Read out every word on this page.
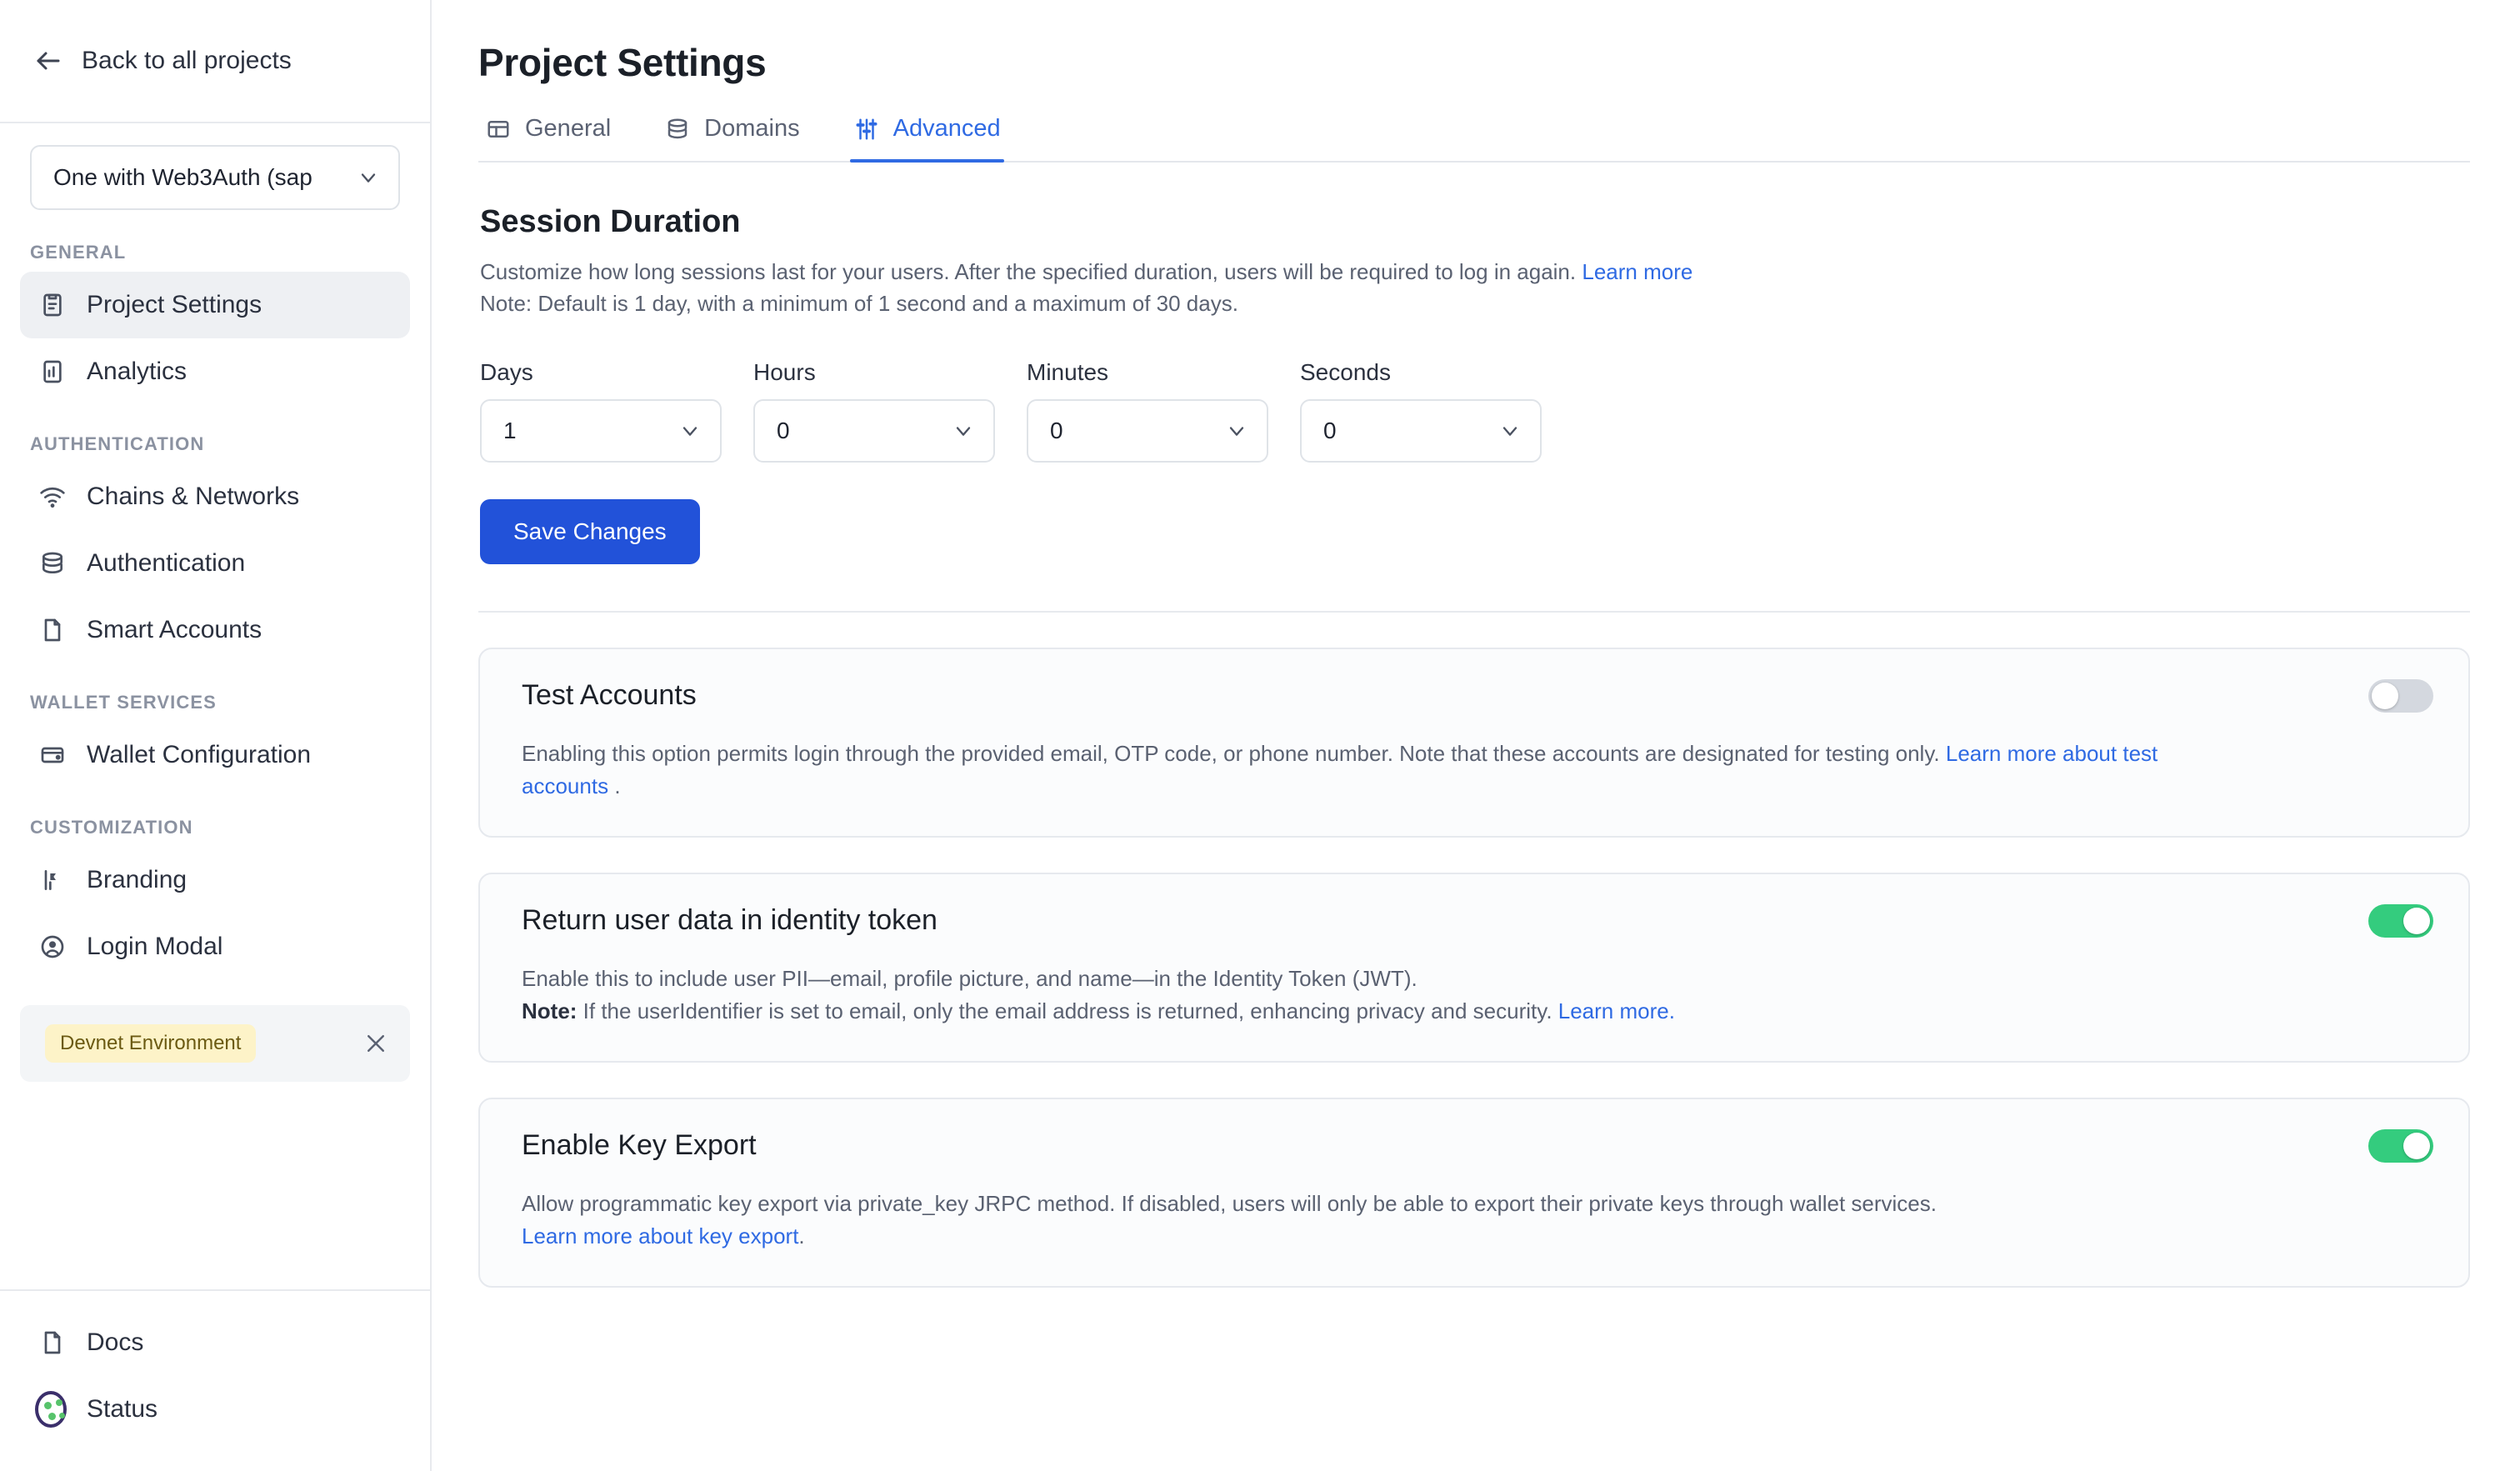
Back to all projects
One with Web3Auth (sap
GENERAL
Project Settings
Analytics
AUTHENTICATION
Chains & Networks
Authentication
Smart Accounts
WALLET SERVICES
Wallet Configuration
CUSTOMIZATION
Branding
Login Modal
Devnet Environment
Docs
Status
Project Settings
General	Domains	Advanced
Session Duration

Customize how long sessions last for your users. After the specified duration, users will be required to log in again. Learn more
Note: Default is 1 day, with a minimum of 1 second and a maximum of 30 days.

Days
1
Hours
0
Minutes
0
Seconds
0
Save Changes
Test Accounts

Enabling this option permits login through the provided email, OTP code, or phone number. Note that these accounts are designated for testing only. Learn more about test accounts .

Return user data in identity token

Enable this to include user PII—email, profile picture, and name—in the Identity Token (JWT).
Note: If the userIdentifier is set to email, only the email address is returned, enhancing privacy and security. Learn more.

Enable Key Export

Allow programmatic key export via private_key JRPC method. If disabled, users will only be able to export their private keys through wallet services.
Learn more about key export.
